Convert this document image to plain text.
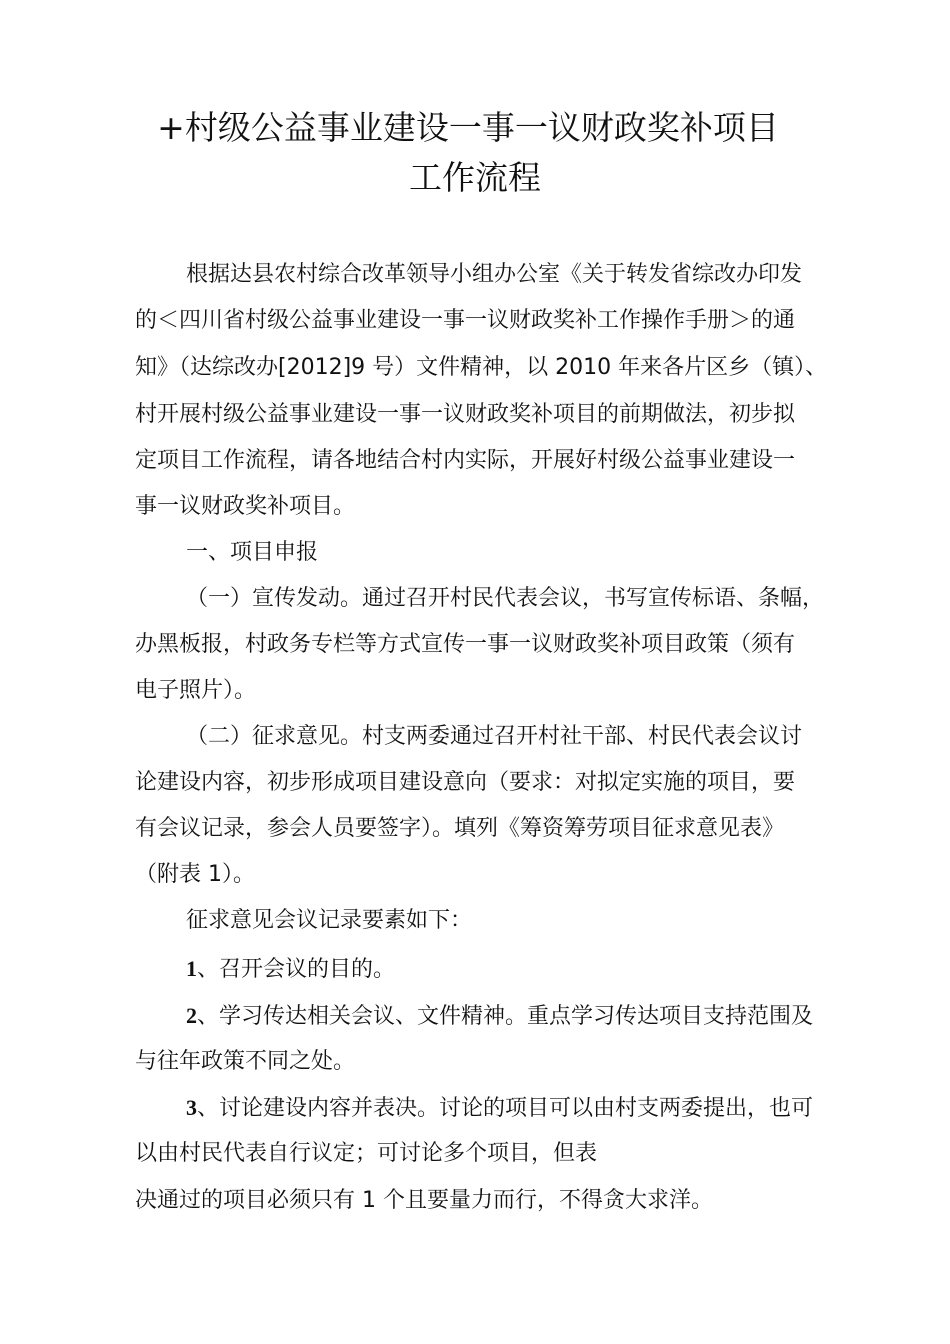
+村级公益事业建设一事一议财政奖补项目
工作流程
根据达县农村综合改革领导小组办公室《关于转发省综改办印发
的＜四川省村级公益事业建设一事一议财政奖补工作操作手册＞的通
知》（达综改办[2012]9 号）文件精神，以 2010 年来各片区乡（镇）、
村开展村级公益事业建设一事一议财政奖补项目的前期做法，初步拟
定项目工作流程，请各地结合村内实际，开展好村级公益事业建设一
事一议财政奖补项目。
一、项目申报
（一）宣传发动。通过召开村民代表会议，书写宣传标语、条幅，
办黑板报，村政务专栏等方式宣传一事一议财政奖补项目政策（须有
电子照片）。
（二）征求意见。村支两委通过召开村社干部、村民代表会议讨
论建设内容，初步形成项目建设意向（要求：对拟定实施的项目，要
有会议记录，参会人员要签字）。填列《筹资筹劳项目征求意见表》
（附表 1）。
征求意见会议记录要素如下：
1、召开会议的目的。
2、学习传达相关会议、文件精神。重点学习传达项目支持范围及
与往年政策不同之处。
3、讨论建设内容并表决。讨论的项目可以由村支两委提出，也可
以由村民代表自行议定；可讨论多个项目，但表
决通过的项目必须只有 1 个且要量力而行，不得贪大求洋。
